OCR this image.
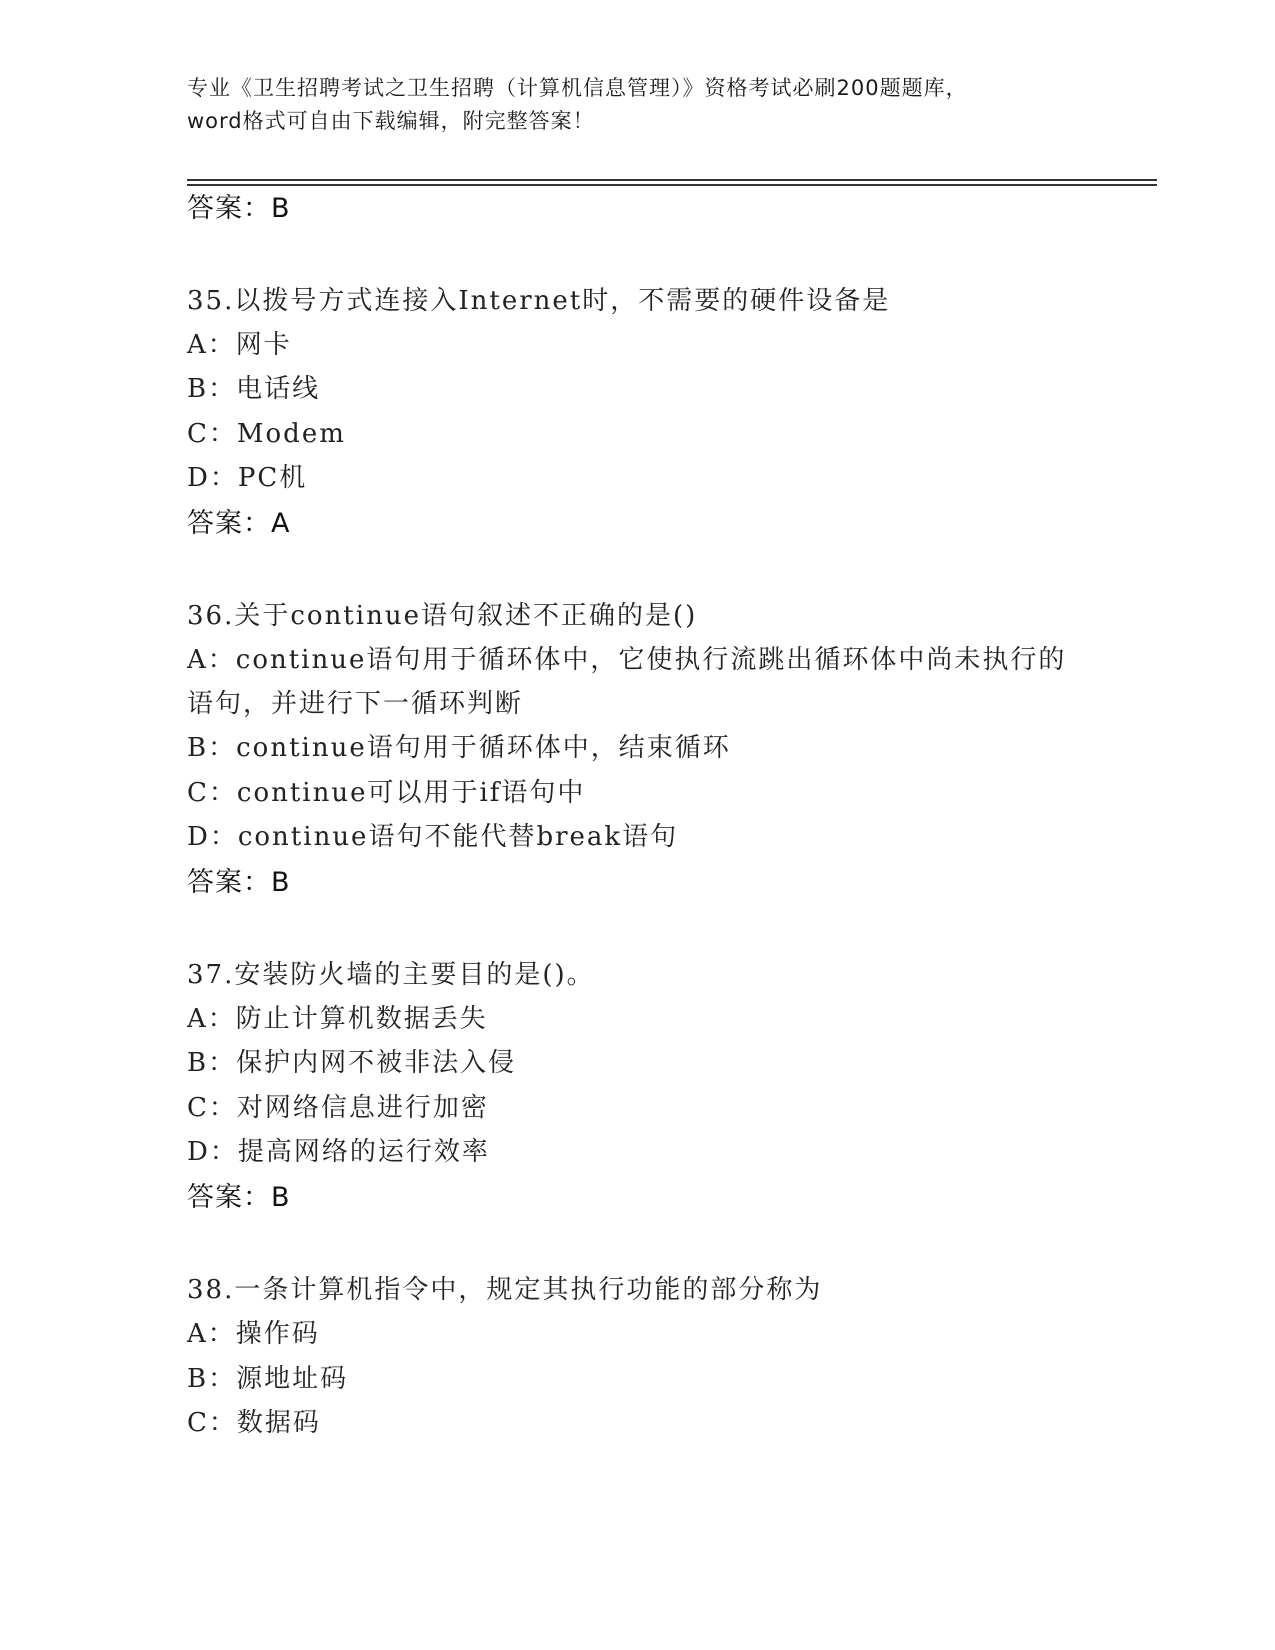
专业《卫生招聘考试之卫生招聘（计算机信息管理）》资格考试必刷200题题库，
word格式可自由下载编辑，附完整答案！
答案：B
35.以拨号方式连接入Internet时，不需要的硬件设备是
A：网卡
B：电话线
C：Modem
D：PC机
答案：A
36.关于continue语句叙述不正确的是()
A：continue语句用于循环体中，它使执行流跳出循环体中尚未执行的
语句，并进行下一循环判断
B：continue语句用于循环体中，结束循环
C：continue可以用于if语句中
D：continue语句不能代替break语句
答案：B
37.安装防火墙的主要目的是()。
A：防止计算机数据丢失
B：保护内网不被非法入侵
C：对网络信息进行加密
D：提高网络的运行效率
答案：B
38.一条计算机指令中，规定其执行功能的部分称为
A：操作码
B：源地址码
C：数据码
